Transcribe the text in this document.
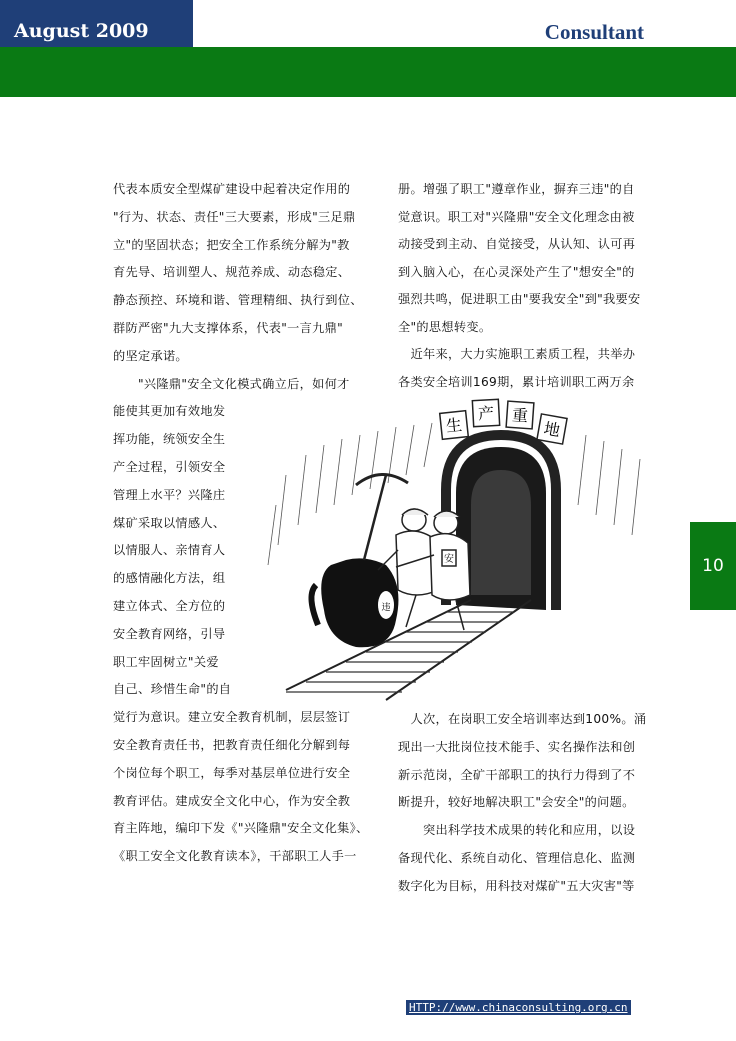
August 2009	Consultant
10
代表本质安全型煤矿建设中起着决定作用的
"行为、状态、责任"三大要素，形成"三足鼎
立"的坚固状态；把安全工作系统分解为"教
育先导、培训塑人、规范养成、动态稳定、
静态预控、环境和谐、管理精细、执行到位、
群防严密"九大支撑体系，代表"一言九鼎"
的坚定承诺。
　　"兴隆鼎"安全文化模式确立后，如何才
能使其更加有效地发
挥功能，统领安全生
产全过程，引领安全
管理上水平？兴隆庄
煤矿采取以情感人、
以情服人、亲情育人
的感情融化方法，组
建立体式、全方位的
安全教育网络，引导
职工牢固树立"关爱
自己、珍惜生命"的自
觉行为意识。建立安全教育机制，层层签订
安全教育责任书，把教育责任细化分解到每
个岗位每个职工，每季对基层单位进行安全
教育评估。建成安全文化中心，作为安全教
育主阵地，编印下发《"兴隆鼎"安全文化集》、
《职工安全文化教育读本》，干部职工人手一
册。增强了职工"遵章作业，摒弃三违"的自
觉意识。职工对"兴隆鼎"安全文化理念由被
动接受到主动、自觉接受，从认知、认可再
到入脑入心，在心灵深处产生了"想安全"的
强烈共鸣，促进职工由"要我安全"到"我要安
全"的思想转变。
　近年来，大力实施职工素质工程，共举办
各类安全培训169期，累计培训职工两万余
　人次，在岗职工安全培训率达到100%。涌
现出一大批岗位技术能手、实名操作法和创
新示范岗，全矿干部职工的执行力得到了不
断提升，较好地解决职工"会安全"的问题。
　　突出科学技术成果的转化和应用，以设
备现代化、系统自动化、管理信息化、监测
数字化为目标，用科技对煤矿"五大灾害"等
生
产 重
地
违
安
HTTP://www.chinaconsulting.org.cn
